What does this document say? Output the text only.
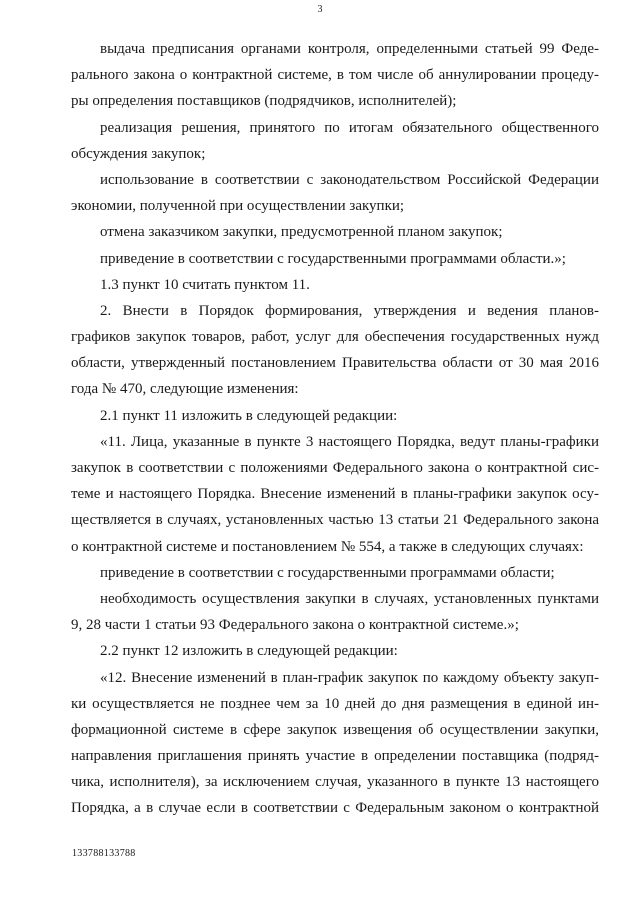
3
выдача предписания органами контроля, определенными статьей 99 Феде-
рального закона о контрактной системе, в том числе об аннулировании процеду-
ры определения поставщиков (подрядчиков, исполнителей);
реализация решения, принятого по итогам обязательного общественного
обсуждения закупок;
использование в соответствии с законодательством Российской Федерации
экономии, полученной при осуществлении закупки;
отмена заказчиком закупки, предусмотренной планом закупок;
приведение в соответствии с государственными программами области.»;
1.3 пункт 10 считать пунктом 11.
2. Внести в Порядок формирования, утверждения и ведения планов-
графиков закупок товаров, работ, услуг для обеспечения государственных нужд
области, утвержденный постановлением Правительства области от 30 мая 2016
года № 470, следующие изменения:
2.1 пункт 11 изложить в следующей редакции:
«11. Лица, указанные в пункте 3 настоящего Порядка, ведут планы-графики
закупок в соответствии с положениями Федерального закона о контрактной сис-
теме и настоящего Порядка. Внесение изменений в планы-графики закупок осу-
ществляется в случаях, установленных частью 13 статьи 21 Федерального закона
о контрактной системе и постановлением № 554, а также в следующих случаях:
приведение в соответствии с государственными программами области;
необходимость осуществления закупки в случаях, установленных пунктами
9, 28 части 1 статьи 93 Федерального закона о контрактной системе.»;
2.2 пункт 12 изложить в следующей редакции:
«12. Внесение изменений в план-график закупок по каждому объекту закуп-
ки осуществляется не позднее чем за 10 дней до дня размещения в единой ин-
формационной системе в сфере закупок извещения об осуществлении закупки,
направления приглашения принять участие в определении поставщика (подряд-
чика, исполнителя), за исключением случая, указанного в пункте 13 настоящего
Порядка, а в случае если в соответствии с Федеральным законом о контрактной
133788133788
